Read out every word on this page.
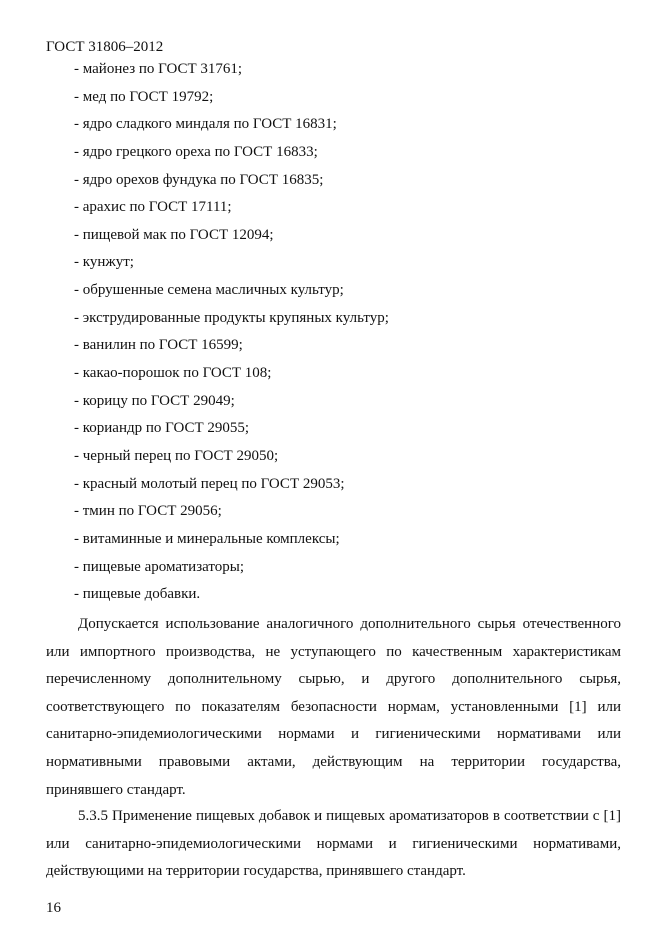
ГОСТ 31806–2012
- майонез по ГОСТ 31761;
- мед по ГОСТ 19792;
- ядро сладкого миндаля по ГОСТ 16831;
- ядро грецкого ореха по ГОСТ 16833;
- ядро орехов фундука по ГОСТ 16835;
- арахис по ГОСТ 17111;
- пищевой мак по ГОСТ 12094;
- кунжут;
- обрушенные семена масличных культур;
- экструдированные продукты крупяных культур;
- ванилин по ГОСТ 16599;
- какао-порошок по ГОСТ 108;
- корицу по ГОСТ 29049;
- кориандр по ГОСТ 29055;
- черный перец по ГОСТ 29050;
- красный молотый перец по ГОСТ 29053;
- тмин по ГОСТ 29056;
- витаминные и минеральные комплексы;
- пищевые ароматизаторы;
- пищевые добавки.

Допускается использование аналогичного дополнительного сырья отечественного или импортного производства, не уступающего по качественным характеристикам перечисленному дополнительному сырью, и другого дополнительного сырья, соответствующего по показателям безопасности нормам, установленными [1] или санитарно-эпидемиологическими нормами и гигиеническими нормативами или нормативными правовыми актами, действующим на территории государства, принявшего стандарт.

5.3.5 Применение пищевых добавок и пищевых ароматизаторов в соответствии с [1] или санитарно-эпидемиологическими нормами и гигиеническими нормативами, действующими на территории государства, принявшего стандарт.

16
